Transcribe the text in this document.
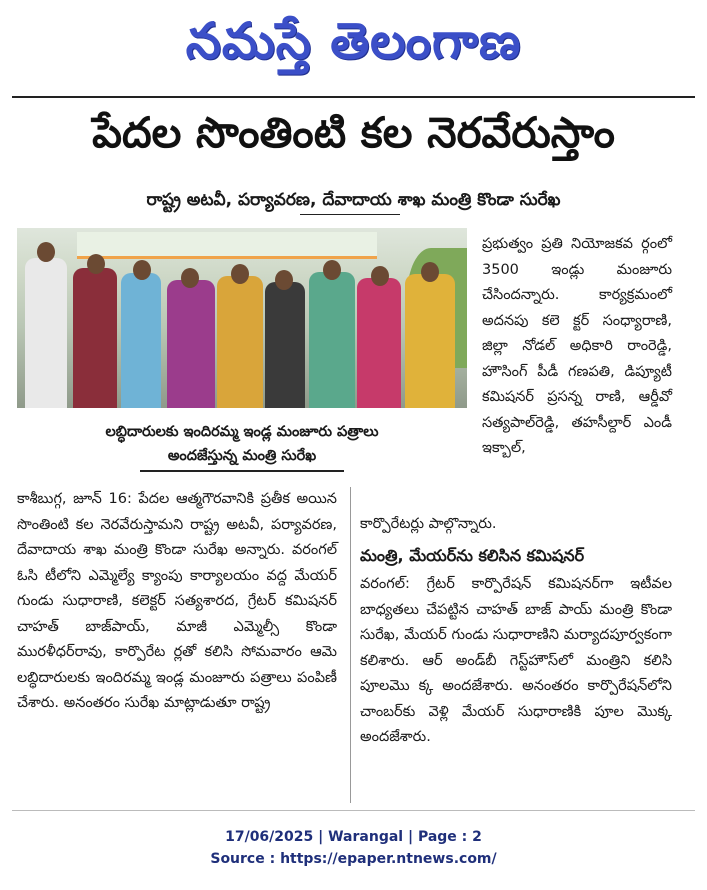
నమస్తే తెలంగాణ
పేదల సొంతింటి కల నెరవేరుస్తాం
రాష్ట్ర అటవీ, పర్యావరణ, దేవాదాయ శాఖ మంత్రి కొండా సురేఖ
లబ్ధిదారులకు ఇందిరమ్మ ఇండ్ల మంజూరు పత్రాలు
అందజేస్తున్న మంత్రి సురేఖ

కాశీబుగ్గ, జూన్ 16: పేదల ఆత్మగౌరవానికి ప్రతీక అయిన సొంతింటి కల నెరవేరుస్తామని రాష్ట్ర అటవీ, పర్యావరణ, దేవాదాయ శాఖ మంత్రి కొండా సురేఖ అన్నారు. వరంగల్ ఓసి టీలోని ఎమ్మెల్యే క్యాంపు కార్యాలయం వద్ద మేయర్ గుండు సుధారాణి, కలెక్టర్ సత్యశారద, గ్రేటర్ కమిషనర్ చాహత్ బాజ్‌పాయ్, మాజీ ఎమ్మెల్సీ కొండా మురళీధర్‌రావు, కార్పొరేట ర్లతో కలిసి సోమవారం ఆమె లబ్ధిదారులకు ఇందిరమ్మ ఇండ్ల మంజూరు పత్రాలు పంపిణీ చేశారు. అనంతరం సురేఖ మాట్లాడుతూ రాష్ట్ర

ప్రభుత్వం ప్రతి నియోజకవ ర్గంలో 3500 ఇండ్లు మంజూరు చేసిందన్నారు. కార్యక్రమంలో అదనపు కలె క్టర్ సంధ్యారాణి, జిల్లా నోడల్ అధికారి రాంరెడ్డి, హౌసింగ్ పీడీ గణపతి, డిప్యూటీ కమిషనర్ ప్రసన్న రాణి, ఆర్డీవో సత్యపాల్‌రెడ్డి, తహసీల్దార్ ఎండీ ఇక్బాల్,

కార్పొరేటర్లు పాల్గొన్నారు.

మంత్రి, మేయర్‌ను కలిసిన కమిషనర్

వరంగల్: గ్రేటర్ కార్పొరేషన్ కమిషనర్‌గా ఇటీవల బాధ్యతలు చేపట్టిన చాహత్ బాజ్ పాయ్ మంత్రి కొండా సురేఖ, మేయర్ గుండు సుధారాణిని మర్యాదపూర్వకంగా కలిశారు. ఆర్ అండ్‌బీ గెస్ట్‌హౌస్‌లో మంత్రిని కలిసి పూలమొ క్క అందజేశారు. అనంతరం కార్పొరేషన్‌లోని చాంబర్‌కు వెళ్లి మేయర్ సుధారాణికి పూల మొక్క అందజేశారు.

17/06/2025 | Warangal | Page : 2
Source : https://epaper.ntnews.com/
